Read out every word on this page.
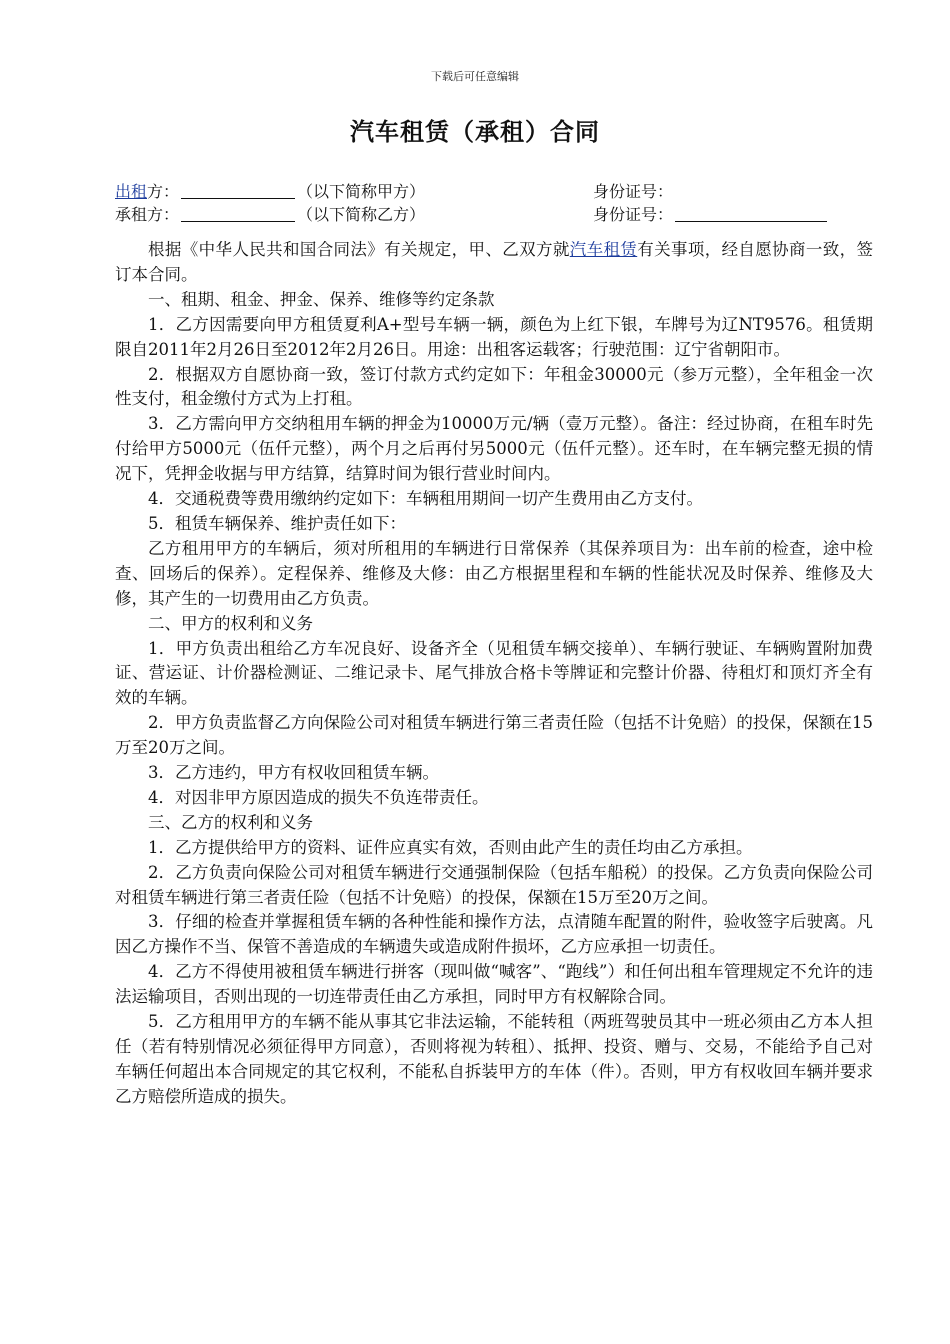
下载后可任意编辑
汽车租赁（承租）合同
出租方：	（以下简称甲方）	身份证号：
承租方：	（以下简称乙方）	身份证号：

根据《中华人民共和国合同法》有关规定，甲、乙双方就汽车租赁有关事项，经自愿协商一致，签订本合同。

一、租期、租金、押金、保养、维修等约定条款

1．乙方因需要向甲方租赁夏利A+型号车辆一辆，颜色为上红下银，车牌号为辽NT9576。租赁期限自2011年2月26日至2012年2月26日。用途：出租客运载客；行驶范围：辽宁省朝阳市。

2．根据双方自愿协商一致，签订付款方式约定如下：年租金30000元（参万元整），全年租金一次性支付，租金缴付方式为上打租。

3．乙方需向甲方交纳租用车辆的押金为10000万元/辆（壹万元整）。备注：经过协商，在租车时先付给甲方5000元（伍仟元整），两个月之后再付另5000元（伍仟元整）。还车时，在车辆完整无损的情况下，凭押金收据与甲方结算，结算时间为银行营业时间内。

4．交通税费等费用缴纳约定如下：车辆租用期间一切产生费用由乙方支付。

5．租赁车辆保养、维护责任如下：

乙方租用甲方的车辆后，须对所租用的车辆进行日常保养（其保养项目为：出车前的检查，途中检查、回场后的保养）。定程保养、维修及大修：由乙方根据里程和车辆的性能状况及时保养、维修及大修，其产生的一切费用由乙方负责。

二、甲方的权利和义务

1．甲方负责出租给乙方车况良好、设备齐全（见租赁车辆交接单）、车辆行驶证、车辆购置附加费证、营运证、计价器检测证、二维记录卡、尾气排放合格卡等牌证和完整计价器、待租灯和顶灯齐全有效的车辆。

2．甲方负责监督乙方向保险公司对租赁车辆进行第三者责任险（包括不计免赔）的投保，保额在15万至20万之间。

3．乙方违约，甲方有权收回租赁车辆。

4．对因非甲方原因造成的损失不负连带责任。

三、乙方的权利和义务

1．乙方提供给甲方的资料、证件应真实有效，否则由此产生的责任均由乙方承担。

2．乙方负责向保险公司对租赁车辆进行交通强制保险（包括车船税）的投保。乙方负责向保险公司对租赁车辆进行第三者责任险（包括不计免赔）的投保，保额在15万至20万之间。

3．仔细的检查并掌握租赁车辆的各种性能和操作方法，点清随车配置的附件，验收签字后驶离。凡因乙方操作不当、保管不善造成的车辆遗失或造成附件损坏，乙方应承担一切责任。

4．乙方不得使用被租赁车辆进行拼客（现叫做“喊客”、“跑线”）和任何出租车管理规定不允许的违法运输项目，否则出现的一切连带责任由乙方承担，同时甲方有权解除合同。

5．乙方租用甲方的车辆不能从事其它非法运输，不能转租（两班驾驶员其中一班必须由乙方本人担任（若有特别情况必须征得甲方同意），否则将视为转租）、抵押、投资、赠与、交易，不能给予自己对车辆任何超出本合同规定的其它权利，不能私自拆装甲方的车体（件）。否则，甲方有权收回车辆并要求乙方赔偿所造成的损失。
